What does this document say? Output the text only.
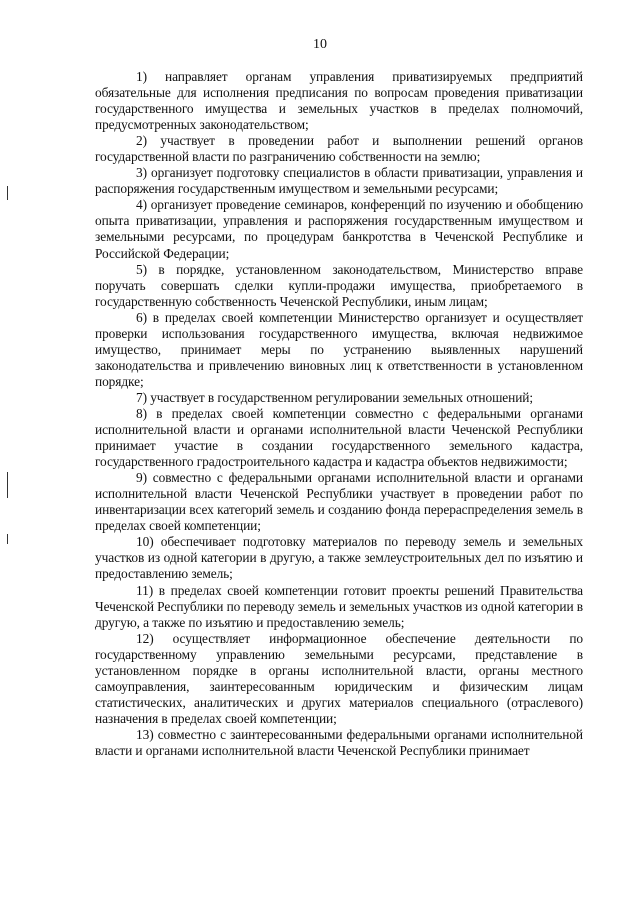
10

1) направляет органам управления приватизируемых предприятий обязательные для исполнения предписания по вопросам проведения приватизации государственного имущества и земельных участков в пределах полномочий, предусмотренных законодательством;

2) участвует в проведении работ и выполнении решений органов государственной власти по разграничению собственности на землю;

3) организует подготовку специалистов в области приватизации, управления и распоряжения государственным имуществом и земельными ресурсами;

4) организует проведение семинаров, конференций по изучению и обобщению опыта приватизации, управления и распоряжения государственным имуществом и земельными ресурсами, по процедурам банкротства в Чеченской Республике и Российской Федерации;

5) в порядке, установленном законодательством, Министерство вправе поручать совершать сделки купли-продажи имущества, приобретаемого в государственную собственность Чеченской Республики, иным лицам;

6) в пределах своей компетенции Министерство организует и осуществляет проверки использования государственного имущества, включая недвижимое имущество, принимает меры по устранению выявленных нарушений законодательства и привлечению виновных лиц к ответственности в установленном порядке;

7) участвует в государственном регулировании земельных отношений;

8) в пределах своей компетенции совместно с федеральными органами исполнительной власти и органами исполнительной власти Чеченской Республики принимает участие в создании государственного земельного кадастра, государственного градостроительного кадастра и кадастра объектов недвижимости;

9) совместно с федеральными органами исполнительной власти и органами исполнительной власти Чеченской Республики участвует в проведении работ по инвентаризации всех категорий земель и созданию фонда перераспределения земель в пределах своей компетенции;

10) обеспечивает подготовку материалов по переводу земель и земельных участков из одной категории в другую, а также землеустроительных дел по изъятию и предоставлению земель;

11) в пределах своей компетенции готовит проекты решений Правительства Чеченской Республики по переводу земель и земельных участков из одной категории в другую, а также по изъятию и предоставлению земель;

12) осуществляет информационное обеспечение деятельности по государственному управлению земельными ресурсами, представление в установленном порядке в органы исполнительной власти, органы местного самоуправления, заинтересованным юридическим и физическим лицам статистических, аналитических и других материалов специального (отраслевого) назначения в пределах своей компетенции;

13) совместно с заинтересованными федеральными органами исполнительной власти и органами исполнительной власти Чеченской Республики принимает
